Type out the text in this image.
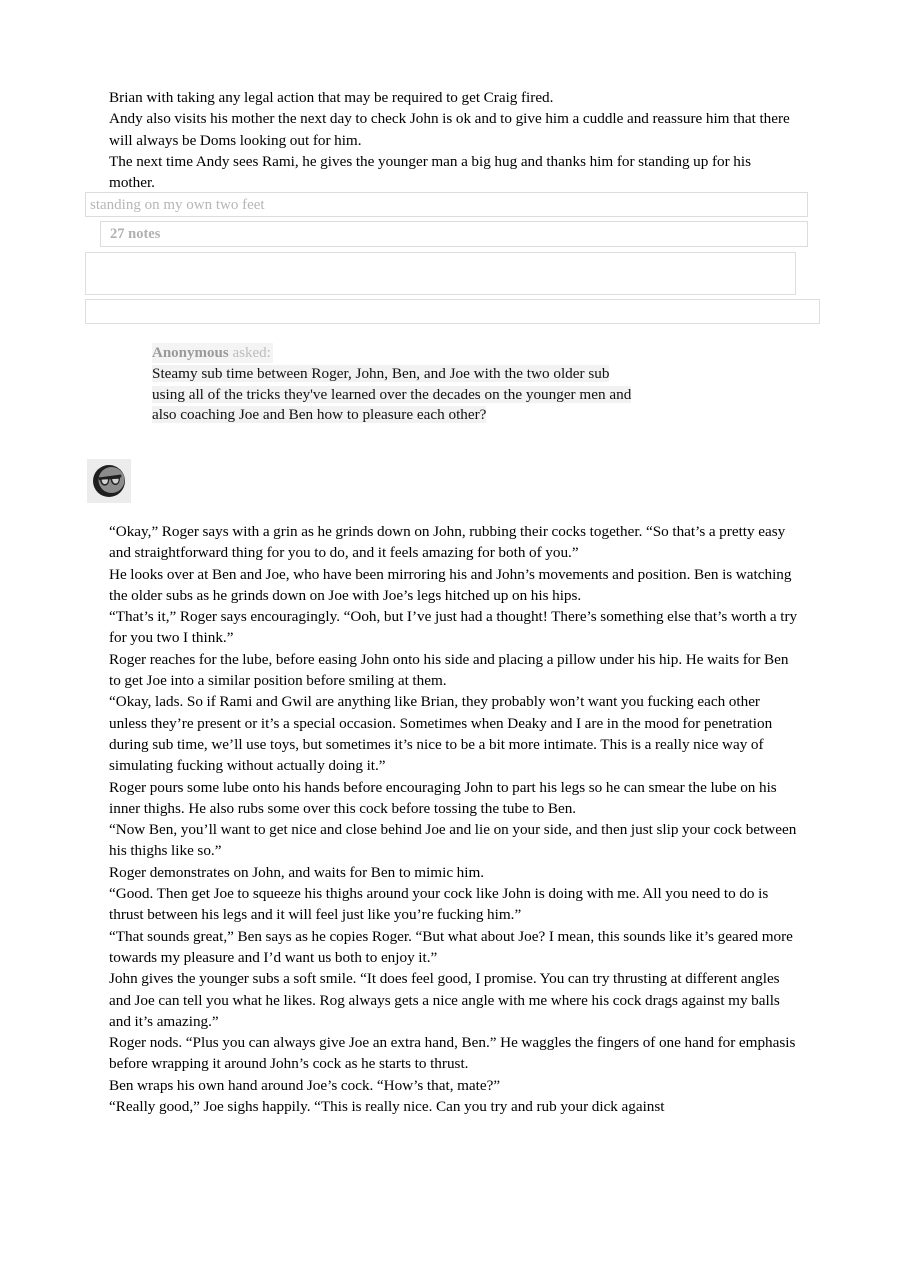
Brian with taking any legal action that may be required to get Craig fired.

Andy also visits his mother the next day to check John is ok and to give him a cuddle and reassure him that there will always be Doms looking out for him.

The next time Andy sees Rami, he gives the younger man a big hug and thanks him for standing up for his mother.

standing on my own two feet
27 notes
Anonymous asked:

Steamy sub time between Roger, John, Ben, and Joe with the two older sub

using all of the tricks they've learned over the decades on the younger men and

also coaching Joe and Ben how to pleasure each other?

“Okay,” Roger says with a grin as he grinds down on John, rubbing their cocks together. “So that’s a pretty easy and straightforward thing for you to do, and it feels amazing for both of you.”

He looks over at Ben and Joe, who have been mirroring his and John’s movements and position. Ben is watching the older subs as he grinds down on Joe with Joe’s legs hitched up on his hips.

“That’s it,” Roger says encouragingly. “Ooh, but I’ve just had a thought! There’s something else that’s worth a try for you two I think.”

Roger reaches for the lube, before easing John onto his side and placing a pillow under his hip. He waits for Ben to get Joe into a similar position before smiling at them.

“Okay, lads. So if Rami and Gwil are anything like Brian, they probably won’t want you fucking each other unless they’re present or it’s a special occasion. Sometimes when Deaky and I are in the mood for penetration during sub time, we’ll use toys, but sometimes it’s nice to be a bit more intimate. This is a really nice way of simulating fucking without actually doing it.”

Roger pours some lube onto his hands before encouraging John to part his legs so he can smear the lube on his inner thighs. He also rubs some over this cock before tossing the tube to Ben.

“Now Ben, you’ll want to get nice and close behind Joe and lie on your side, and then just slip your cock between his thighs like so.”

Roger demonstrates on John, and waits for Ben to mimic him.

“Good. Then get Joe to squeeze his thighs around your cock like John is doing with me. All you need to do is thrust between his legs and it will feel just like you’re fucking him.”

“That sounds great,” Ben says as he copies Roger. “But what about Joe? I mean, this sounds like it’s geared more towards my pleasure and I’d want us both to enjoy it.”

John gives the younger subs a soft smile. “It does feel good, I promise. You can try thrusting at different angles and Joe can tell you what he likes. Rog always gets a nice angle with me where his cock drags against my balls and it’s amazing.”

Roger nods. “Plus you can always give Joe an extra hand, Ben.” He waggles the fingers of one hand for emphasis before wrapping it around John’s cock as he starts to thrust.

Ben wraps his own hand around Joe’s cock. “How’s that, mate?”

“Really good,” Joe sighs happily. “This is really nice. Can you try and rub your dick against
